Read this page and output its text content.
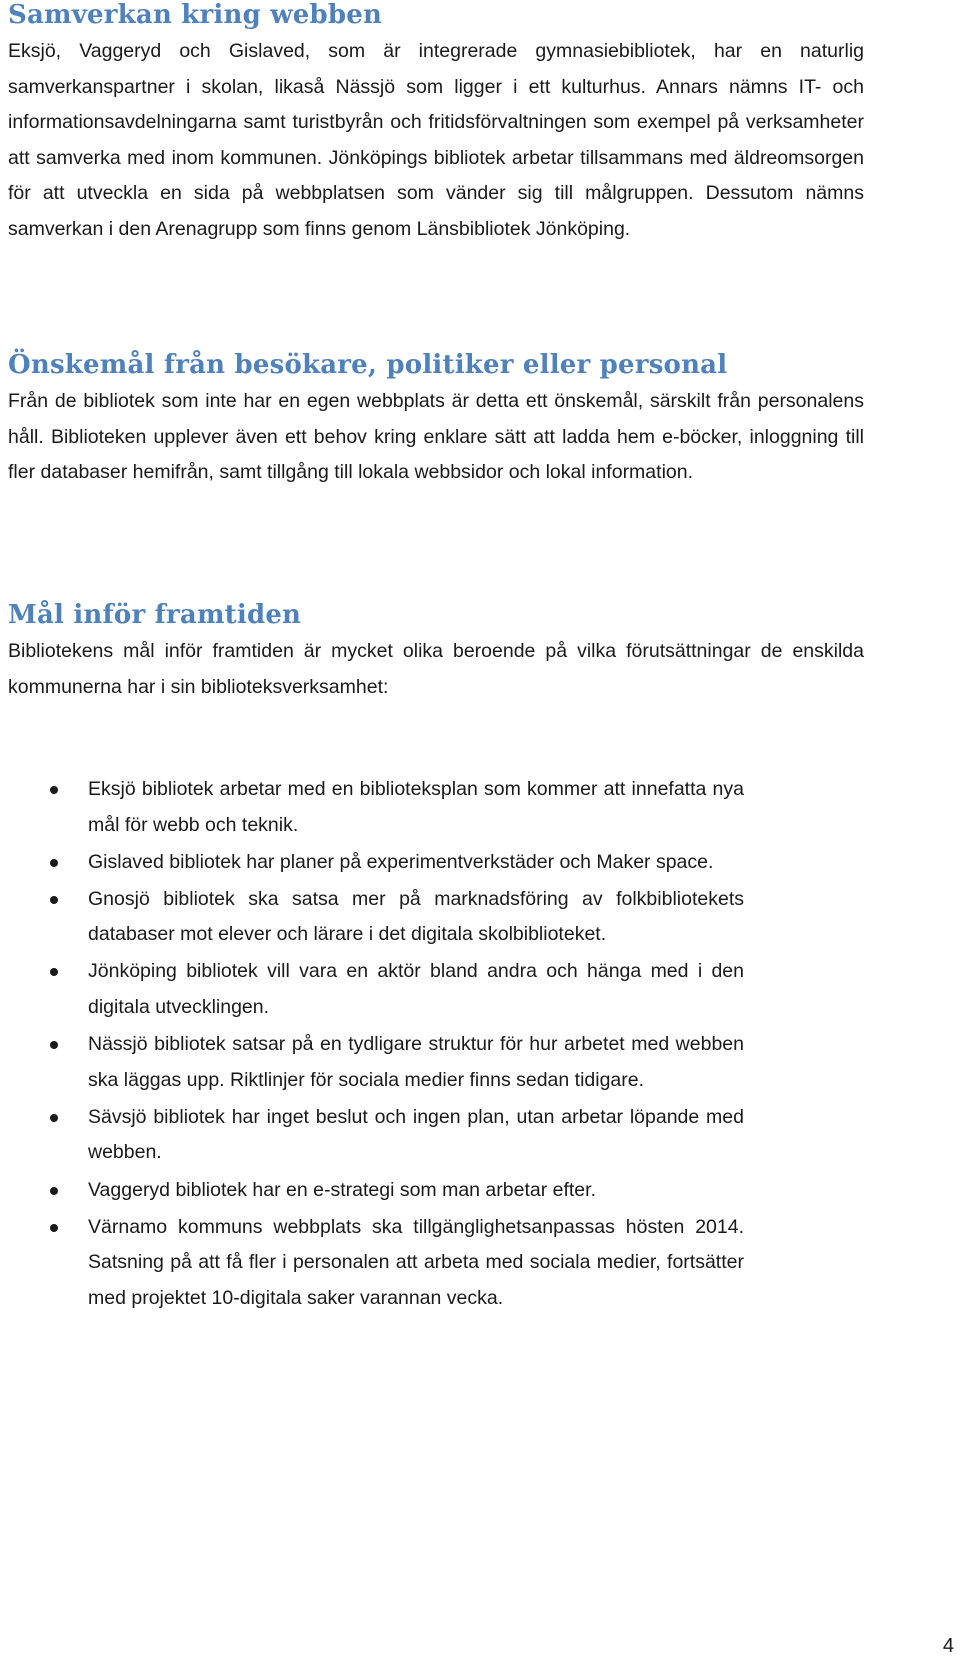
Samverkan kring webben

Eksjö, Vaggeryd och Gislaved, som är integrerade gymnasiebibliotek, har en naturlig samverkanspartner i skolan, likaså Nässjö som ligger i ett kulturhus. Annars nämns IT- och informationsavdelningarna samt turistbyrån och fritidsförvaltningen som exempel på verksamheter att samverka med inom kommunen. Jönköpings bibliotek arbetar tillsammans med äldreomsorgen för att utveckla en sida på webbplatsen som vänder sig till målgruppen. Dessutom nämns samverkan i den Arenagrupp som finns genom Länsbibliotek Jönköping.

Önskemål från besökare, politiker eller personal

Från de bibliotek som inte har en egen webbplats är detta ett önskemål, särskilt från personalens håll. Biblioteken upplever även ett behov kring enklare sätt att ladda hem e-böcker, inloggning till fler databaser hemifrån, samt tillgång till lokala webbsidor och lokal information.

Mål inför framtiden

Bibliotekens mål inför framtiden är mycket olika beroende på vilka förutsättningar de enskilda kommunerna har i sin biblioteksverksamhet:

Eksjö bibliotek arbetar med en biblioteksplan som kommer att innefatta nya mål för webb och teknik.
Gislaved bibliotek har planer på experimentverkstäder och Maker space.
Gnosjö bibliotek ska satsa mer på marknadsföring av folkbibliotekets databaser mot elever och lärare i det digitala skolbiblioteket.
Jönköping bibliotek vill vara en aktör bland andra och hänga med i den digitala utvecklingen.
Nässjö bibliotek satsar på en tydligare struktur för hur arbetet med webben ska läggas upp. Riktlinjer för sociala medier finns sedan tidigare.
Sävsjö bibliotek har inget beslut och ingen plan, utan arbetar löpande med webben.
Vaggeryd bibliotek har en e-strategi som man arbetar efter.
Värnamo kommuns webbplats ska tillgänglighetsanpassas hösten 2014. Satsning på att få fler i personalen att arbeta med sociala medier, fortsätter med projektet 10-digitala saker varannan vecka.
4
